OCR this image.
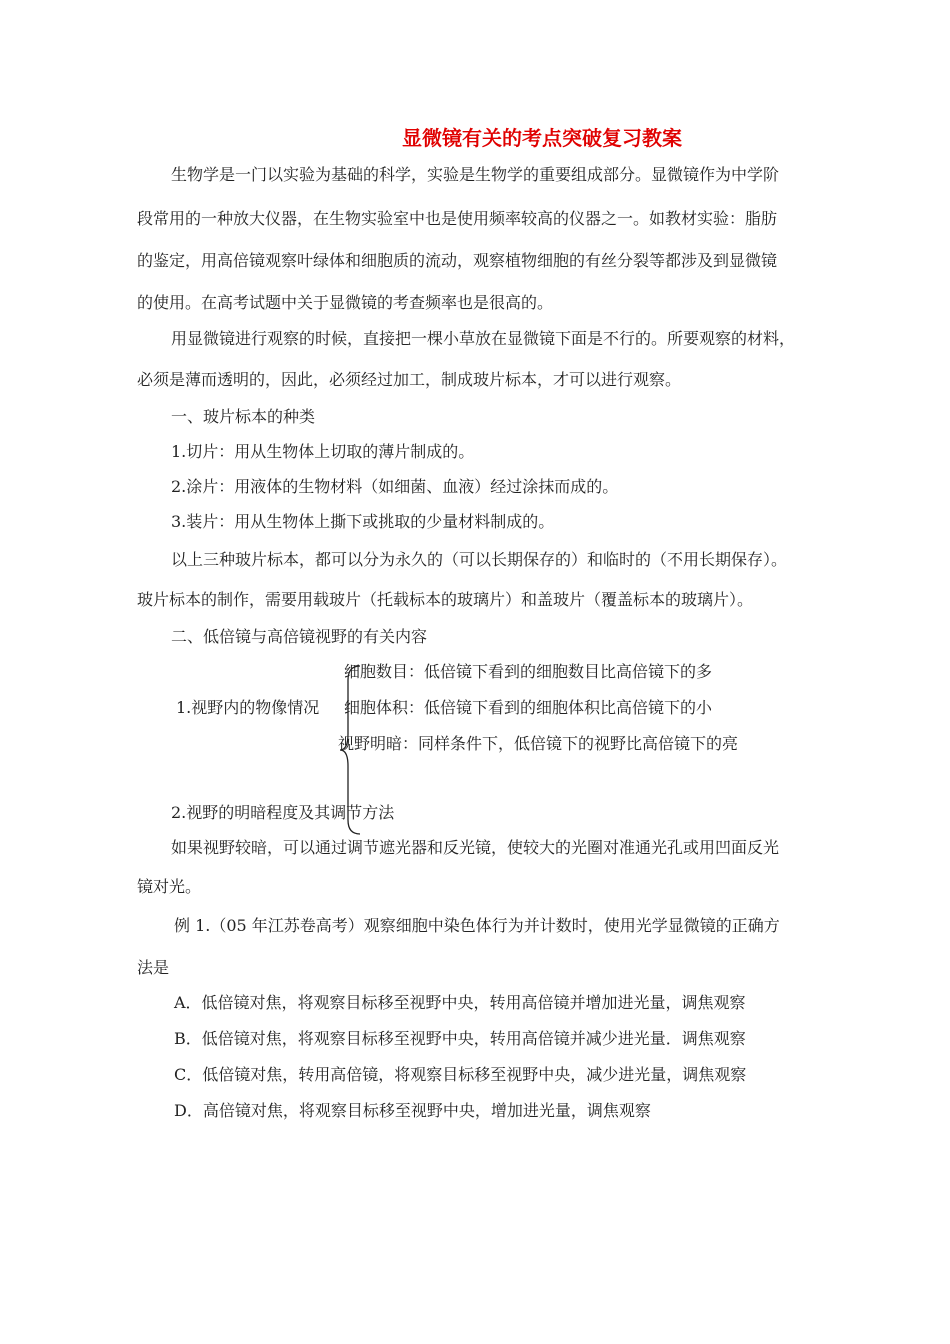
显微镜有关的考点突破复习教案
生物学是一门以实验为基础的科学，实验是生物学的重要组成部分。显微镜作为中学阶
段常用的一种放大仪器，在生物实验室中也是使用频率较高的仪器之一。如教材实验：脂肪
的鉴定，用高倍镜观察叶绿体和细胞质的流动，观察植物细胞的有丝分裂等都涉及到显微镜
的使用。在高考试题中关于显微镜的考查频率也是很高的。
用显微镜进行观察的时候，直接把一棵小草放在显微镜下面是不行的。所要观察的材料，
必须是薄而透明的，因此，必须经过加工，制成玻片标本，才可以进行观察。
一、玻片标本的种类
1.切片：用从生物体上切取的薄片制成的。
2.涂片：用液体的生物材料（如细菌、血液）经过涂抹而成的。
3.装片：用从生物体上撕下或挑取的少量材料制成的。
以上三种玻片标本，都可以分为永久的（可以长期保存的）和临时的（不用长期保存）。
玻片标本的制作，需要用载玻片（托载标本的玻璃片）和盖玻片（覆盖标本的玻璃片）。
二、低倍镜与高倍镜视野的有关内容
细胞数目：低倍镜下看到的细胞数目比高倍镜下的多
1.视野内的物像情况 细胞体积：低倍镜下看到的细胞体积比高倍镜下的小
视野明暗：同样条件下，低倍镜下的视野比高倍镜下的亮
2.视野的明暗程度及其调节方法
如果视野较暗，可以通过调节遮光器和反光镜，使较大的光圈对准通光孔或用凹面反光
镜对光。
例 1.（05 年江苏卷高考）观察细胞中染色体行为并计数时，使用光学显微镜的正确方
法是
A．低倍镜对焦，将观察目标移至视野中央，转用高倍镜并增加进光量，调焦观察
B．低倍镜对焦，将观察目标移至视野中央，转用高倍镜并减少进光量．调焦观察
C．低倍镜对焦，转用高倍镜，将观察目标移至视野中央，减少进光量，调焦观察
D．高倍镜对焦，将观察目标移至视野中央，增加进光量，调焦观察
